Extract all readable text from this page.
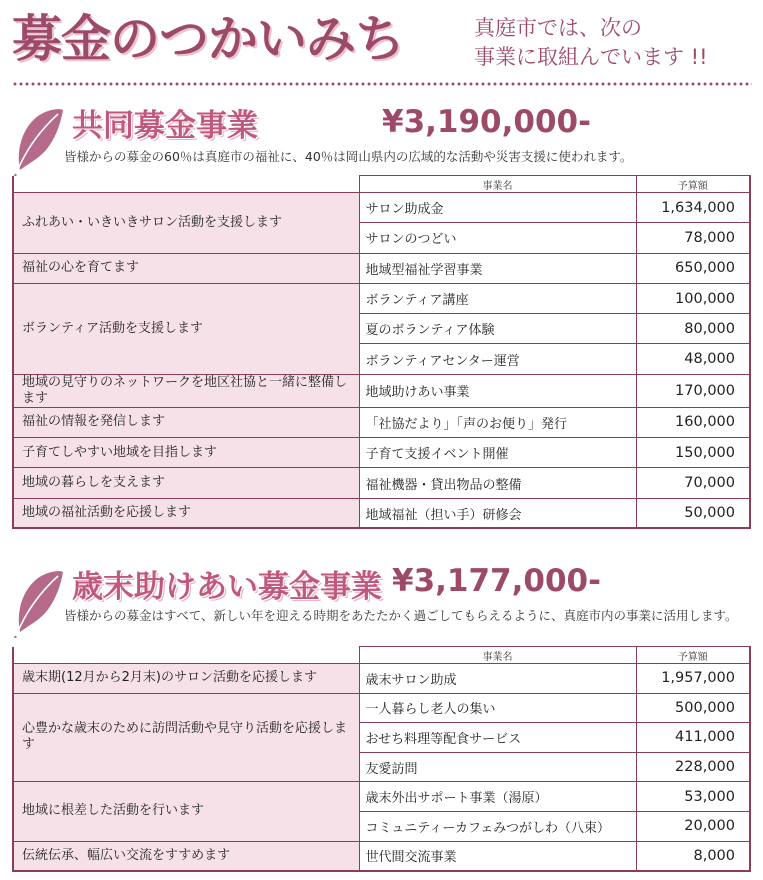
募金のつかいみち	真庭市では、次の
事業に取組んでいます !!
共同募金事業	¥3,190,000-
皆様からの募金の60％は真庭市の福祉に、40％は岡山県内の広域的な活動や災害支援に使われます。
	事業名	予算額
ふれあい・いきいきサロン活動を支援します	サロン助成金	1,634,000
	サロンのつどい	78,000
福祉の心を育てます	地域型福祉学習事業	650,000
ボランティア活動を支援します	ボランティア講座	100,000
	夏のボランティア体験	80,000
	ボランティアセンター運営	48,000
地域の見守りのネットワークを地区社協と一緒に整備します	地域助けあい事業	170,000
福祉の情報を発信します	「社協だより」「声のお便り」発行	160,000
子育てしやすい地域を目指します	子育て支援イベント開催	150,000
地域の暮らしを支えます	福祉機器・貸出物品の整備	70,000
地域の福祉活動を応援します	地域福祉（担い手）研修会	50,000
歳末助けあい募金事業 ¥3,177,000-
皆様からの募金はすべて、新しい年を迎える時期をあたたかく過ごしてもらえるように、真庭市内の事業に活用します。
	事業名	予算額
歳末期(12月から2月末)のサロン活動を応援します	歳末サロン助成	1,957,000
心豊かな歳末のために訪問活動や見守り活動を応援します	一人暮らし老人の集い	500,000
	おせち料理等配食サービス	411,000
	友愛訪問	228,000
地域に根差した活動を行います	歳末外出サポート事業（湯原）	53,000
	コミュニティーカフェみつがしわ（八束）	20,000
伝統伝承、幅広い交流をすすめます	世代間交流事業	8,000
